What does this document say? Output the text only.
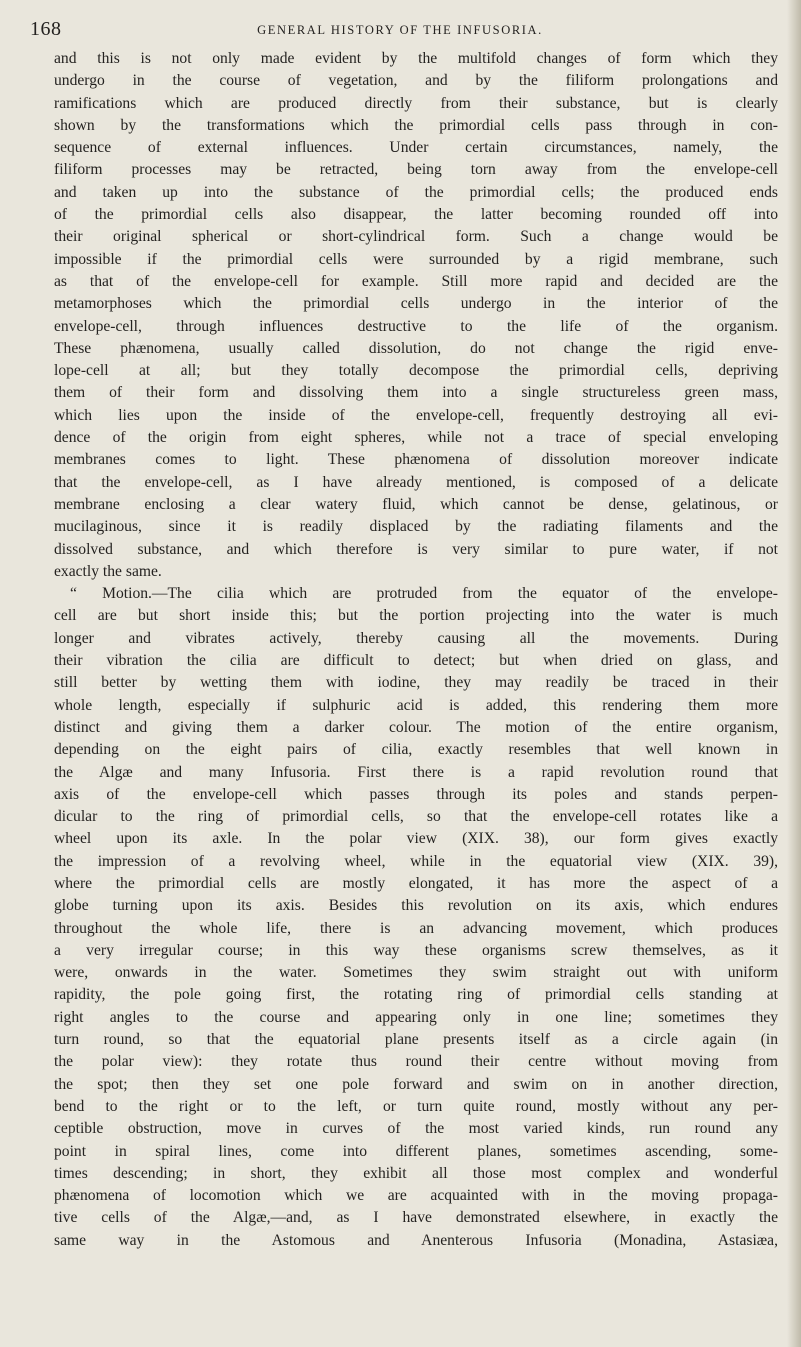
168	GENERAL HISTORY OF THE INFUSORIA.
and this is not only made evident by the multifold changes of form which they
undergo in the course of vegetation, and by the filiform prolongations and
ramifications which are produced directly from their substance, but is clearly
shown by the transformations which the primordial cells pass through in con-
sequence of external influences. Under certain circumstances, namely, the
filiform processes may be retracted, being torn away from the envelope-cell
and taken up into the substance of the primordial cells; the produced ends
of the primordial cells also disappear, the latter becoming rounded off into
their original spherical or short-cylindrical form. Such a change would be
impossible if the primordial cells were surrounded by a rigid membrane, such
as that of the envelope-cell for example. Still more rapid and decided are the
metamorphoses which the primordial cells undergo in the interior of the
envelope-cell, through influences destructive to the life of the organism.
These phænomena, usually called dissolution, do not change the rigid enve-
lope-cell at all; but they totally decompose the primordial cells, depriving
them of their form and dissolving them into a single structureless green mass,
which lies upon the inside of the envelope-cell, frequently destroying all evi-
dence of the origin from eight spheres, while not a trace of special enveloping
membranes comes to light. These phænomena of dissolution moreover indicate
that the envelope-cell, as I have already mentioned, is composed of a delicate
membrane enclosing a clear watery fluid, which cannot be dense, gelatinous, or
mucilaginous, since it is readily displaced by the radiating filaments and the
dissolved substance, and which therefore is very similar to pure water, if not
exactly the same.
“ Motion.—The cilia which are protruded from the equator of the envelope-
cell are but short inside this; but the portion projecting into the water is much
longer and vibrates actively, thereby causing all the movements. During
their vibration the cilia are difficult to detect; but when dried on glass, and
still better by wetting them with iodine, they may readily be traced in their
whole length, especially if sulphuric acid is added, this rendering them more
distinct and giving them a darker colour. The motion of the entire organism,
depending on the eight pairs of cilia, exactly resembles that well known in
the Algæ and many Infusoria. First there is a rapid revolution round that
axis of the envelope-cell which passes through its poles and stands perpen-
dicular to the ring of primordial cells, so that the envelope-cell rotates like a
wheel upon its axle. In the polar view (XIX. 38), our form gives exactly
the impression of a revolving wheel, while in the equatorial view (XIX. 39),
where the primordial cells are mostly elongated, it has more the aspect of a
globe turning upon its axis. Besides this revolution on its axis, which endures
throughout the whole life, there is an advancing movement, which produces
a very irregular course; in this way these organisms screw themselves, as it
were, onwards in the water. Sometimes they swim straight out with uniform
rapidity, the pole going first, the rotating ring of primordial cells standing at
right angles to the course and appearing only in one line; sometimes they
turn round, so that the equatorial plane presents itself as a circle again (in
the polar view): they rotate thus round their centre without moving from
the spot; then they set one pole forward and swim on in another direction,
bend to the right or to the left, or turn quite round, mostly without any per-
ceptible obstruction, move in curves of the most varied kinds, run round any
point in spiral lines, come into different planes, sometimes ascending, some-
times descending; in short, they exhibit all those most complex and wonderful
phænomena of locomotion which we are acquainted with in the moving propaga-
tive cells of the Algæ,—and, as I have demonstrated elsewhere, in exactly the
same way in the Astomous and Anenterous Infusoria (Monadina, Astasiæa,
